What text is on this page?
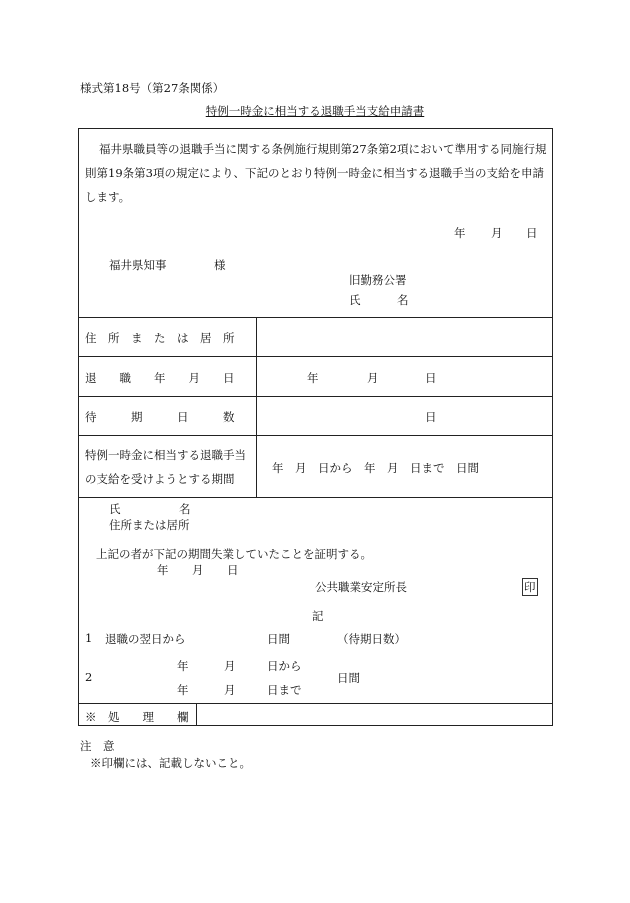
様式第18号（第27条関係）
特例一時金に相当する退職手当支給申請書
福井県職員等の退職手当に関する条例施行規則第27条第2項において準用する同施行規
則第19条第3項の規定により、下記のとおり特例一時金に相当する退職手当の支給を申請
します。
年 月 日
福井県知事	様
旧勤務公署
氏	名
住　所　ま　た　は　居　所
退　　職　　年　　月　　日	年	月	日
待　　　期　　　日　　　数	日
特例一時金に相当する退職手当
の支給を受けようとする期間
年　月　日から　年　月　日まで　日間
氏	名
住所または居所
上記の者が下記の期間失業していたことを証明する。
年 月 日
公共職業安定所長	印
記
1 退職の翌日から	日間	（待期日数）
2
年	月	日から
年	月	日まで
日間
※　処　　理　　欄
注　意
※印欄には、記載しないこと。
